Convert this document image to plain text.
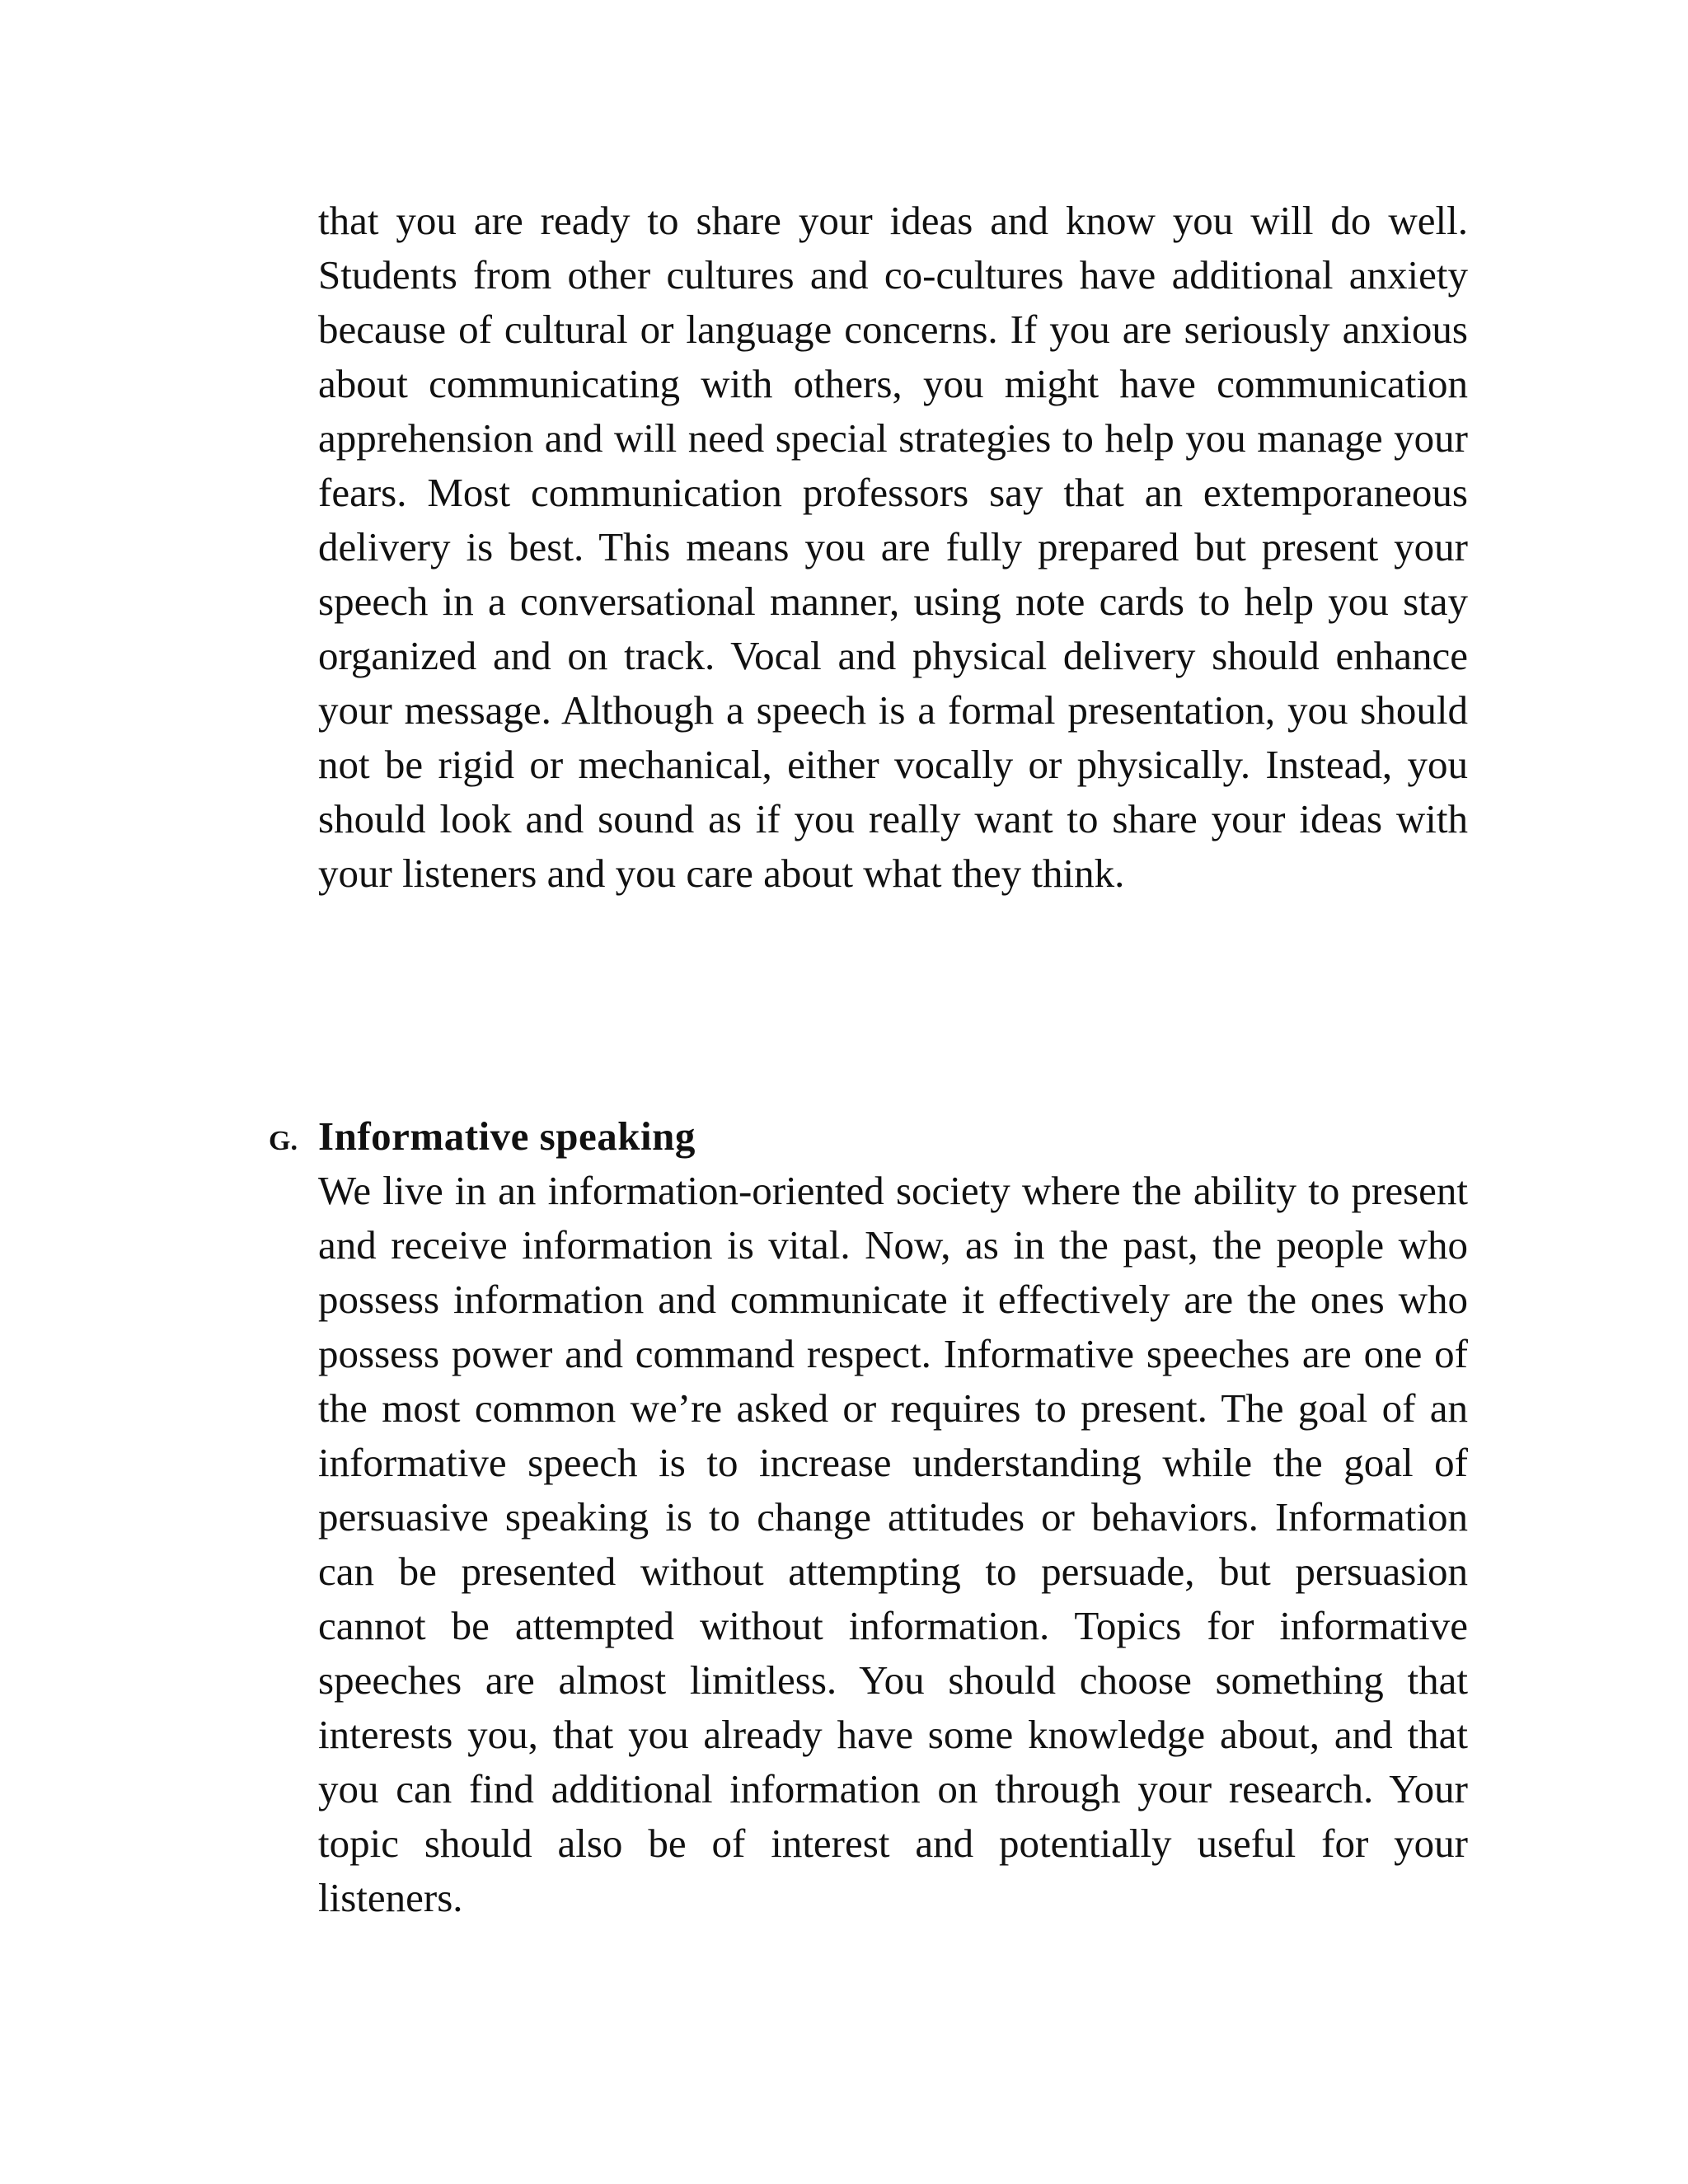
that you are ready to share your ideas and know you will do well. Students from other cultures and co-cultures have additional anxiety because of cultural or language concerns. If you are seriously anxious about communicating with others, you might have communication apprehension and will need special strategies to help you manage your fears. Most communication professors say that an extemporaneous delivery is best. This means you are fully prepared but present your speech in a conversational manner, using note cards to help you stay organized and on track. Vocal and physical delivery should enhance your message. Although a speech is a formal presentation, you should not be rigid or mechanical, either vocally or physically. Instead, you should look and sound as if you really want to share your ideas with your listeners and you care about what they think.

G. Informative speaking

We live in an information-oriented society where the ability to present and receive information is vital. Now, as in the past, the people who possess information and communicate it effectively are the ones who possess power and command respect. Informative speeches are one of the most common we’re asked or requires to present. The goal of an informative speech is to increase understanding while the goal of persuasive speaking is to change attitudes or behaviors. Information can be presented without attempting to persuade, but persuasion cannot be attempted without information. Topics for informative speeches are almost limitless. You should choose something that interests you, that you already have some knowledge about, and that you can find additional information on through your research. Your topic should also be of interest and potentially useful for your listeners.
